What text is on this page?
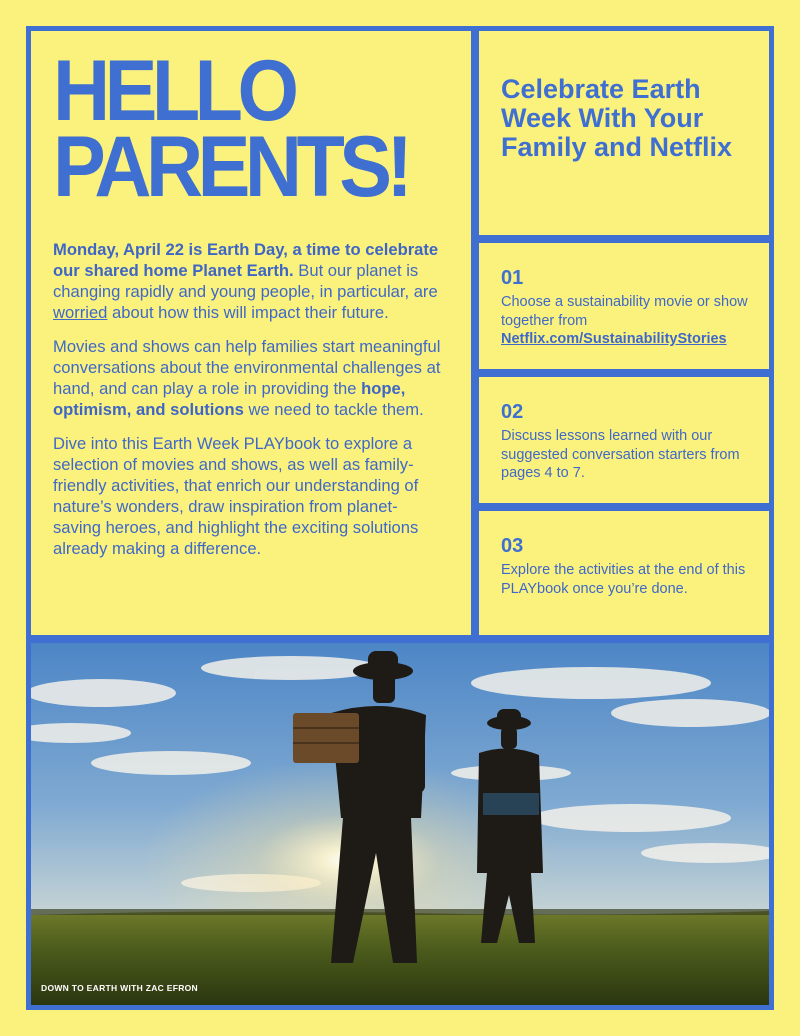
HELLO
PARENTS!

Monday, April 22 is Earth Day, a time to celebrate our shared home Planet Earth. But our planet is changing rapidly and young people, in particular, are worried about how this will impact their future.

Movies and shows can help families start meaningful conversations about the environmental challenges at hand, and can play a role in providing the hope, optimism, and solutions we need to tackle them.

Dive into this Earth Week PLAYbook to explore a selection of movies and shows, as well as family-friendly activities, that enrich our understanding of nature’s wonders, draw inspiration from planet-saving heroes, and highlight the exciting solutions already making a difference.

Celebrate Earth Week With Your Family and Netflix
01
Choose a sustainability movie or show together from
Netflix.com/SustainabilityStories
02
Discuss lessons learned with our suggested conversation starters from pages 4 to 7.
03
Explore the activities at the end of this PLAYbook once you’re done.
DOWN TO EARTH WITH ZAC EFRON
